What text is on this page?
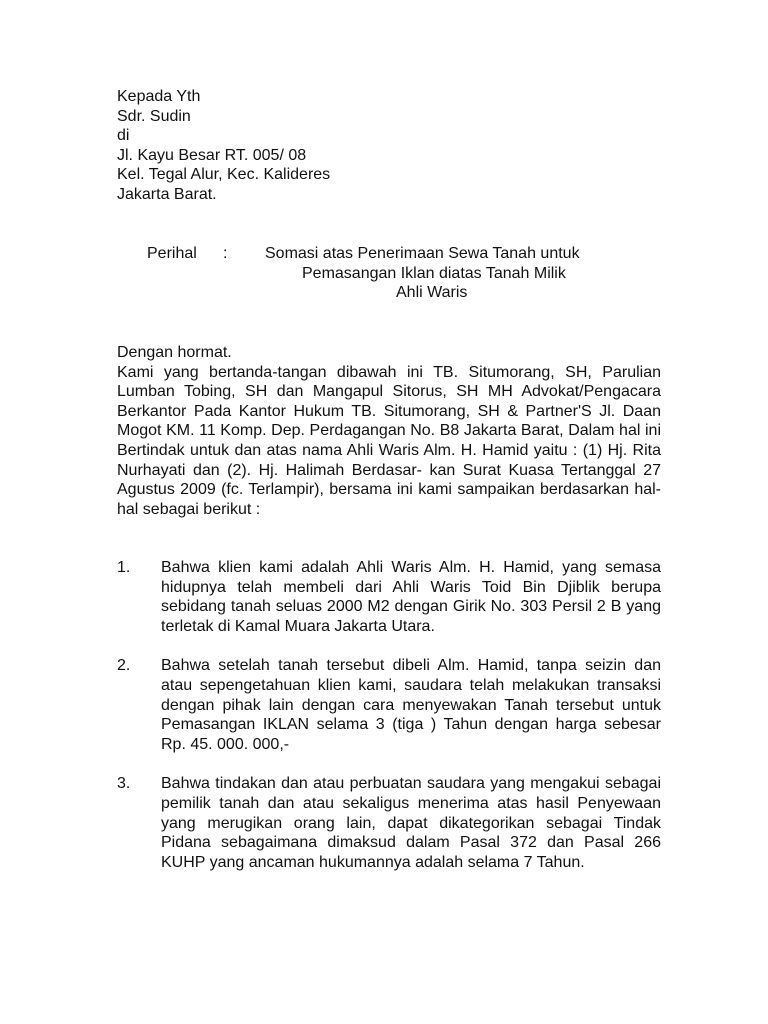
Kepada Yth
Sdr. Sudin
di
Jl. Kayu Besar RT. 005/ 08
Kel. Tegal Alur, Kec. Kalideres
Jakarta Barat.
Perihal : Somasi atas Penerimaan Sewa Tanah untuk
Pemasangan Iklan diatas Tanah Milik
Ahli Waris
Dengan hormat.

Kami yang bertanda-tangan dibawah ini TB. Situmorang, SH, Parulian Lumban Tobing, SH dan Mangapul Sitorus, SH MH Advokat/Pengacara Berkantor Pada Kantor Hukum TB. Situmorang, SH & Partner'S Jl. Daan Mogot KM. 11 Komp. Dep. Perdagangan No. B8 Jakarta Barat, Dalam hal ini Bertindak untuk dan atas nama Ahli Waris Alm. H. Hamid yaitu : (1) Hj. Rita Nurhayati dan (2). Hj. Halimah Berdasar- kan Surat Kuasa Tertanggal 27 Agustus 2009 (fc. Terlampir), bersama ini kami sampaikan berdasarkan hal-hal sebagai berikut :

1. Bahwa klien kami adalah Ahli Waris Alm. H. Hamid, yang semasa hidupnya telah membeli dari Ahli Waris Toid Bin Djiblik berupa sebidang tanah seluas 2000 M2 dengan Girik No. 303 Persil 2 B yang terletak di Kamal Muara Jakarta Utara.
2. Bahwa setelah tanah tersebut dibeli Alm. Hamid, tanpa seizin dan atau sepengetahuan klien kami, saudara telah melakukan transaksi dengan pihak lain dengan cara menyewakan Tanah tersebut untuk Pemasangan IKLAN selama 3 (tiga ) Tahun dengan harga sebesar Rp. 45. 000. 000,-
3. Bahwa tindakan dan atau perbuatan saudara yang mengakui sebagai pemilik tanah dan atau sekaligus menerima atas hasil Penyewaan yang merugikan orang lain, dapat dikategorikan sebagai Tindak Pidana sebagaimana dimaksud dalam Pasal 372 dan Pasal 266 KUHP yang ancaman hukumannya adalah selama 7 Tahun.
